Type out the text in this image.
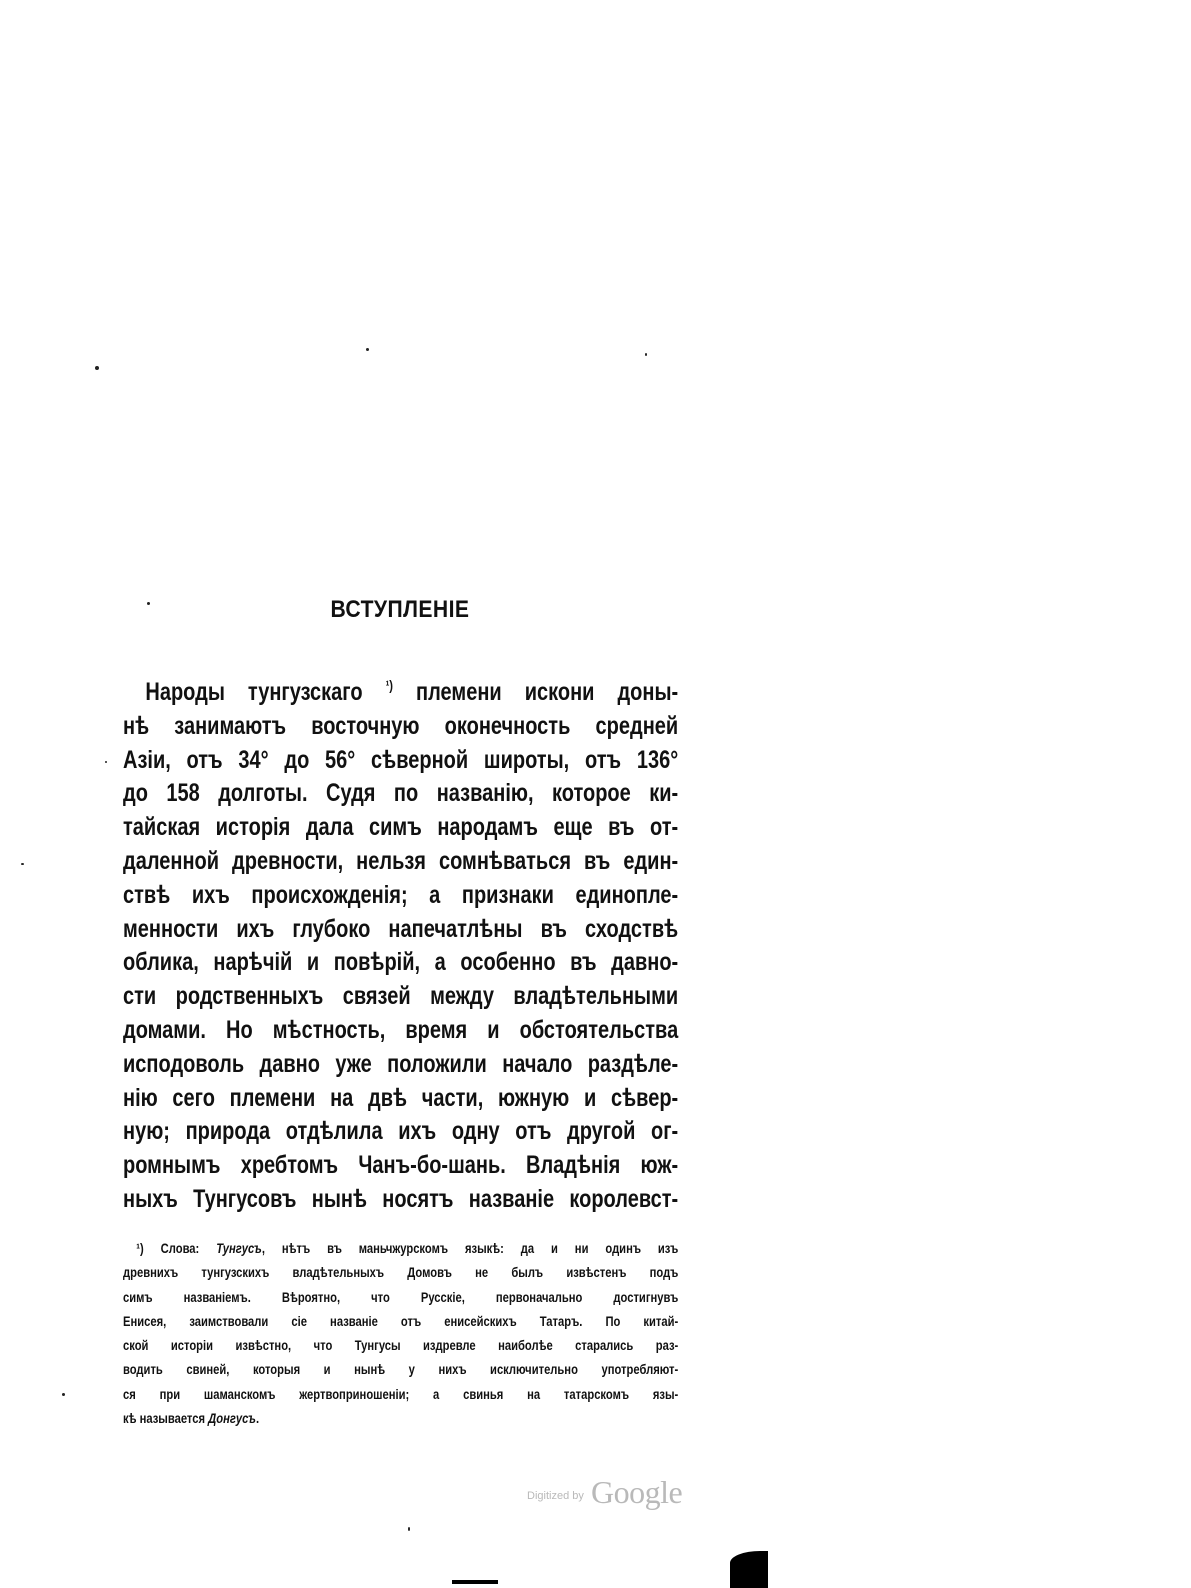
ВСТУПЛЕНІЕ
Народы тунгузскаго $^{^1)}$ племени искони доны-
нѣ занимаютъ восточную оконечность средней
Азіи, отъ 34° до 56° сѣверной широты, отъ 136°
до 158 долготы. Судя по названію, которое ки-
тайская исторія дала симъ народамъ еще въ от-
даленной древности, нельзя сомнѣваться въ един-
ствѣ ихъ происхожденія; а признаки единопле-
менности ихъ глубоко напечатлѣны въ сходствѣ
облика, нарѣчій и повѣрій, а особенно въ давно-
сти родственныхъ связей между владѣтельными
домами. Но мѣстность, время и обстоятельства
исподоволь давно уже положили начало раздѣле-
нію сего племени на двѣ части, южную и сѣвер-
ную; природа отдѣлила ихъ одну отъ другой ог-
ромнымъ хребтомъ Чанъ-бо-шань. Владѣнія юж-
ныхъ Тунгусовъ нынѣ носятъ названіе королевст-
¹) Слова: Тунгусъ, нѣтъ въ маньчжурскомъ языкѣ: да и ни одинъ изъ
древнихъ тунгузскихъ владѣтельныхъ Домовъ не былъ извѣстенъ подъ
симъ названіемъ. Вѣроятно, что Русскіе, первоначально достигнувъ
Енисея, заимствовали сіе названіе отъ енисейскихъ Татаръ. По китай-
ской исторіи извѣстно, что Тунгусы издревле наиболѣе старались раз-
водить свиней, которыя и нынѣ у нихъ исключительно употребляют-
ся при шаманскомъ жертвоприношеніи; а свинья на татарскомъ язы-
кѣ называется Донгусъ.
$^{Digitized by}$ Google
